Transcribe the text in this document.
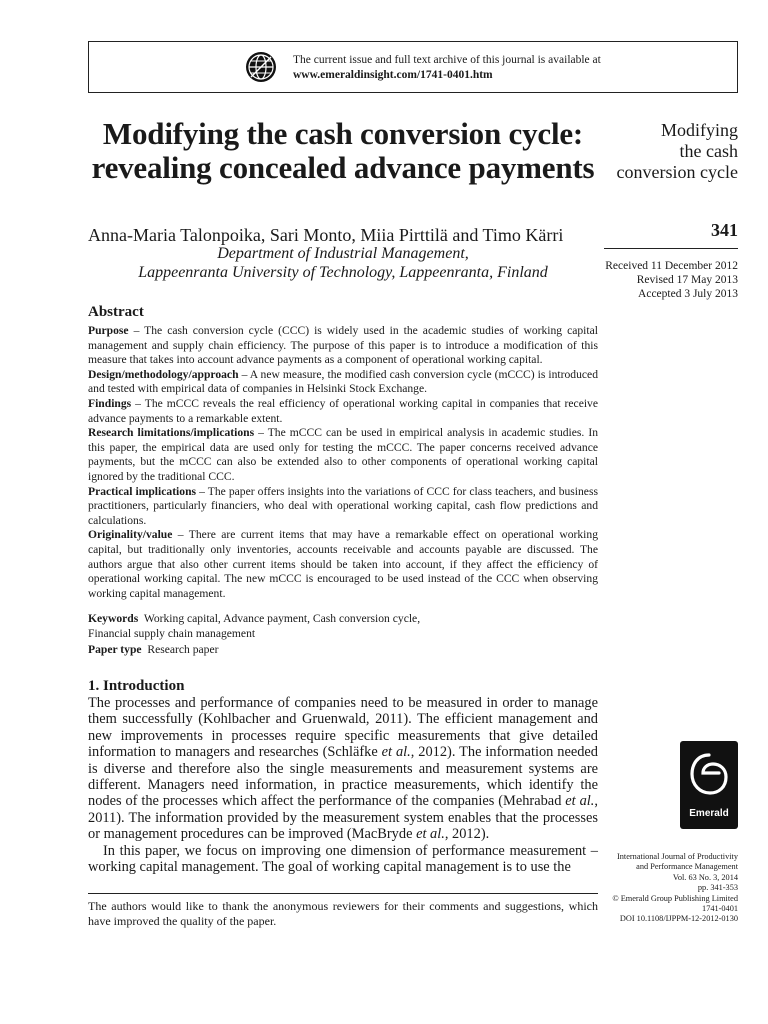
The current issue and full text archive of this journal is available at
www.emeraldinsight.com/1741-0401.htm
Modifying the cash conversion cycle: revealing concealed advance payments
Anna-Maria Talonpoika, Sari Monto, Miia Pirttilä and Timo Kärri
Department of Industrial Management,
Lappeenranta University of Technology, Lappeenranta, Finland
Modifying
the cash
conversion cycle
341
Received 11 December 2012
Revised 17 May 2013
Accepted 3 July 2013
Abstract

Purpose – The cash conversion cycle (CCC) is widely used in the academic studies of working capital management and supply chain efficiency. The purpose of this paper is to introduce a modification of this measure that takes into account advance payments as a component of operational working capital.

Design/methodology/approach – A new measure, the modified cash conversion cycle (mCCC) is introduced and tested with empirical data of companies in Helsinki Stock Exchange.

Findings – The mCCC reveals the real efficiency of operational working capital in companies that receive advance payments to a remarkable extent.

Research limitations/implications – The mCCC can be used in empirical analysis in academic studies. In this paper, the empirical data are used only for testing the mCCC. The paper concerns received advance payments, but the mCCC can also be extended also to other components of operational working capital ignored by the traditional CCC.

Practical implications – The paper offers insights into the variations of CCC for class teachers, and business practitioners, particularly financiers, who deal with operational working capital, cash flow predictions and calculations.

Originality/value – There are current items that may have a remarkable effect on operational working capital, but traditionally only inventories, accounts receivable and accounts payable are discussed. The authors argue that also other current items should be taken into account, if they affect the efficiency of operational working capital. The new mCCC is encouraged to be used instead of the CCC when observing working capital management.

Keywords  Working capital, Advance payment, Cash conversion cycle,
Financial supply chain management
Paper type  Research paper
1. Introduction

The processes and performance of companies need to be measured in order to manage them successfully (Kohlbacher and Gruenwald, 2011). The efficient management and new improvements in processes require specific measurements that give detailed information to managers and researches (Schläfke et al., 2012). The information needed is diverse and therefore also the single measurements and measurement systems are different. Managers need information, in practice measurements, which identify the nodes of the processes which affect the performance of the companies (Mehrabad et al., 2011). The information provided by the measurement system enables that the processes or management procedures can be improved (MacBryde et al., 2012).

In this paper, we focus on improving one dimension of performance measurement – working capital management. The goal of working capital management is to use the

The authors would like to thank the anonymous reviewers for their comments and suggestions, which have improved the quality of the paper.
Emerald
International Journal of Productivity
and Performance Management
Vol. 63 No. 3, 2014
pp. 341-353
© Emerald Group Publishing Limited
1741-0401
DOI 10.1108/IJPPM-12-2012-0130
